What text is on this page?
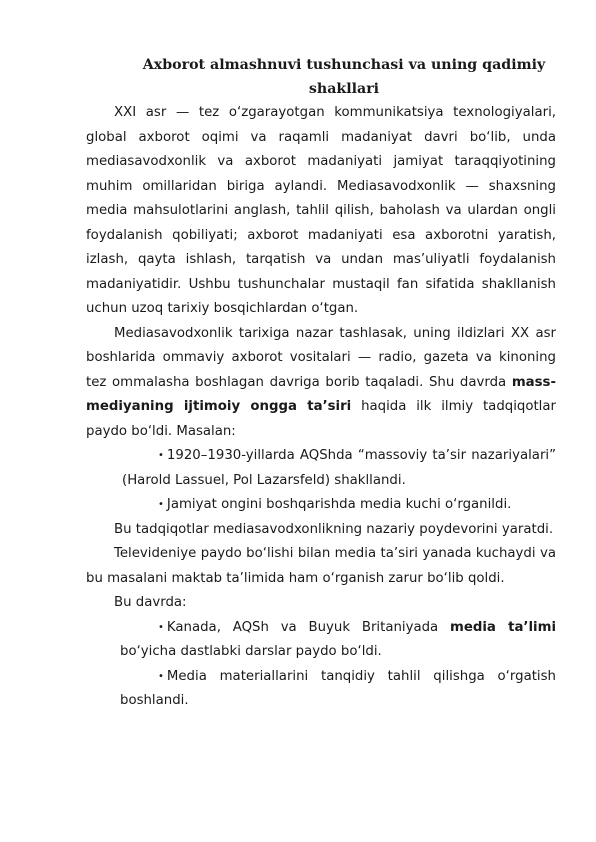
Axborot almashnuvi tushunchasi va uning qadimiy
shakllari

XXI asr — tez o‘zgarayotgan kommunikatsiya texnologiyalari, global axborot oqimi va raqamli madaniyat davri bo‘lib, unda mediasavodxonlik va axborot madaniyati jamiyat taraqqiyotining muhim omillaridan biriga aylandi. Mediasavodxonlik — shaxsning media mahsulotlarini anglash, tahlil qilish, baholash va ulardan ongli foydalanish qobiliyati; axborot madaniyati esa axborotni yaratish, izlash, qayta ishlash, tarqatish va undan mas’uliyatli foydalanish madaniyatidir. Ushbu tushunchalar mustaqil fan sifatida shakllanish uchun uzoq tarixiy bosqichlardan o‘tgan.

Mediasavodxonlik tarixiga nazar tashlasak, uning ildizlari XX asr boshlarida ommaviy axborot vositalari — radio, gazeta va kinoning tez ommalasha boshlagan davriga borib taqaladi. Shu davrda mass-mediyaning ijtimoiy ongga ta’siri haqida ilk ilmiy tadqiqotlar paydo bo‘ldi. Masalan:

• 1920–1930-yillarda AQShda “massoviy ta’sir nazariyalari” (Harold Lassuel, Pol Lazarsfeld) shakllandi.

• Jamiyat ongini boshqarishda media kuchi o‘rganildi.

Bu tadqiqotlar mediasavodxonlikning nazariy poydevorini yaratdi.

Televideniye paydo bo‘lishi bilan media ta’siri yanada kuchaydi va bu masalani maktab ta’limida ham o‘rganish zarur bo‘lib qoldi.

Bu davrda:

• Kanada, AQSh va Buyuk Britaniyada media ta’limi bo‘yicha dastlabki darslar paydo bo‘ldi.

• Media materiallarini tanqidiy tahlil qilishga o‘rgatish boshlandi.
